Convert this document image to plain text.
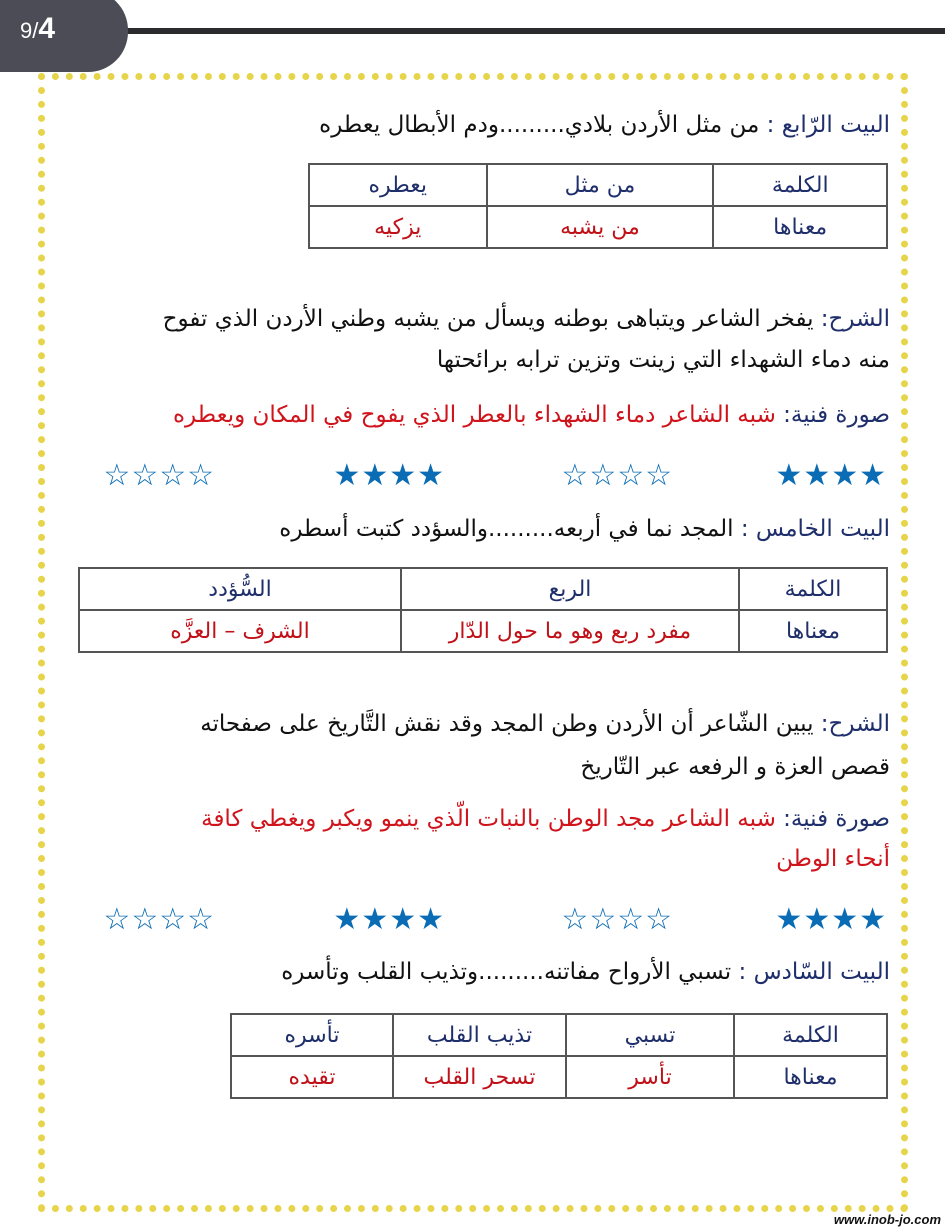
9/4
البيت الرّابع : من مثل الأردن بلادي.........ودم الأبطال يعطره
الكلمة	من مثل	يعطره
معناها	من يشبه	يزكيه
الشرح: يفخر الشاعر ويتباهى بوطنه ويسأل من يشبه وطني الأردن الذي تفوح
منه دماء الشهداء التي زينت وتزين ترابه برائحتها
صورة فنية: شبه الشاعر دماء الشهداء بالعطر الذي يفوح في المكان ويعطره
★★★★
☆☆☆☆
★★★★
☆☆☆☆
البيت الخامس : المجد نما في أربعه.........والسؤدد كتبت أسطره
الكلمة	الربع	السُّؤدد
معناها	مفرد ربع وهو ما حول الدّار	الشرف – العزَّه
الشرح: يبين الشّاعر أن الأردن وطن المجد وقد نقش التَّاريخ على صفحاته
قصص العزة و الرفعه عبر التّاريخ
صورة فنية: شبه الشاعر مجد الوطن بالنبات الّذي ينمو ويكبر ويغطي كافة
أنحاء الوطن
★★★★
☆☆☆☆
★★★★
☆☆☆☆
البيت السّادس : تسبي الأرواح مفاتنه.........وتذيب القلب وتأسره
الكلمة	تسبي	تذيب القلب	تأسره
معناها	تأسر	تسحر القلب	تقيده
www.inob-jo.com
